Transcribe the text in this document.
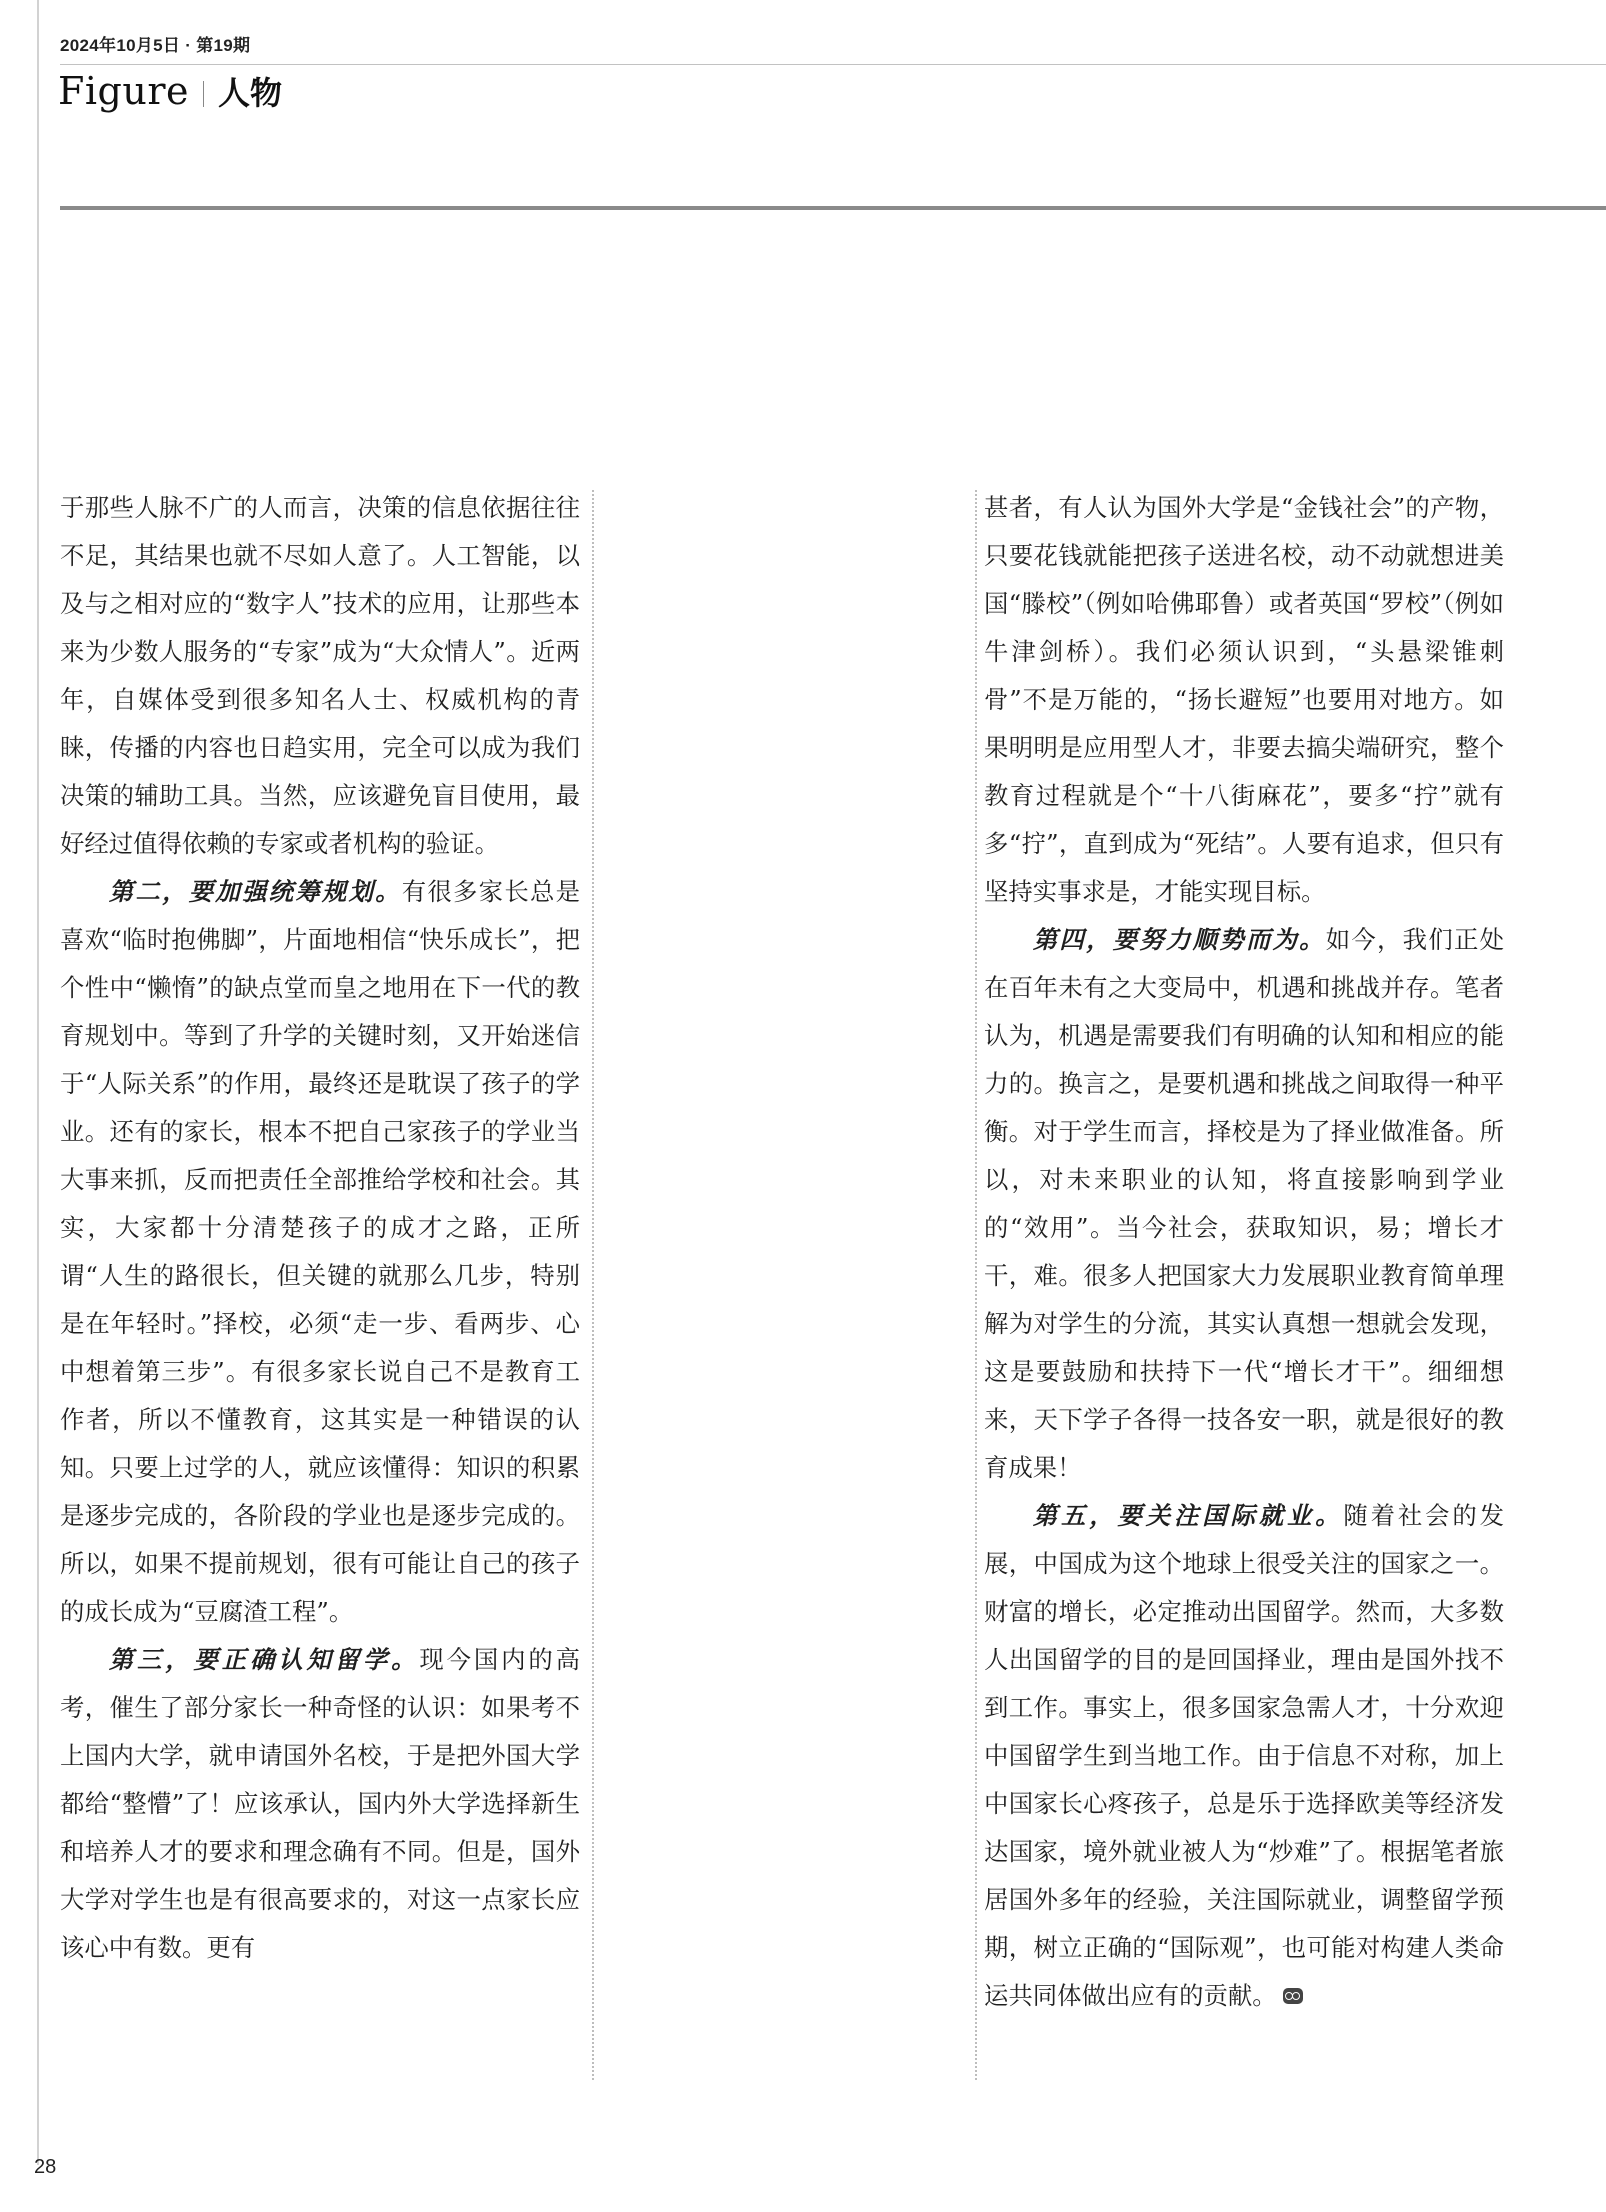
2024年10月5日 · 第19期
Figure 人物

于那些人脉不广的人而言，决策的信息依据往往不足，其结果也就不尽如人意了。人工智能，以及与之相对应的“数字人”技术的应用，让那些本来为少数人服务的“专家”成为“大众情人”。近两年，自媒体受到很多知名人士、权威机构的青睐，传播的内容也日趋实用，完全可以成为我们决策的辅助工具。当然，应该避免盲目使用，最好经过值得依赖的专家或者机构的验证。

第二，要加强统筹规划。有很多家长总是喜欢“临时抱佛脚”，片面地相信“快乐成长”，把个性中“懒惰”的缺点堂而皇之地用在下一代的教育规划中。等到了升学的关键时刻，又开始迷信于“人际关系”的作用，最终还是耽误了孩子的学业。还有的家长，根本不把自己家孩子的学业当大事来抓，反而把责任全部推给学校和社会。其实，大家都十分清楚孩子的成才之路，正所谓“人生的路很长，但关键的就那么几步，特别是在年轻时。”择校，必须“走一步、看两步、心中想着第三步”。有很多家长说自己不是教育工作者，所以不懂教育，这其实是一种错误的认知。只要上过学的人，就应该懂得：知识的积累是逐步完成的，各阶段的学业也是逐步完成的。所以，如果不提前规划，很有可能让自己的孩子的成长成为“豆腐渣工程”。

第三，要正确认知留学。现今国内的高考，催生了部分家长一种奇怪的认识：如果考不上国内大学，就申请国外名校，于是把外国大学都给“整懵”了！应该承认，国内外大学选择新生和培养人才的要求和理念确有不同。但是，国外大学对学生也是有很高要求的，对这一点家长应该心中有数。更有

甚者，有人认为国外大学是“金钱社会”的产物，只要花钱就能把孩子送进名校，动不动就想进美国“滕校”（例如哈佛耶鲁）或者英国“罗校”（例如牛津剑桥）。我们必须认识到，“头悬梁锥刺骨”不是万能的，“扬长避短”也要用对地方。如果明明是应用型人才，非要去搞尖端研究，整个教育过程就是个“十八街麻花”，要多“拧”就有多“拧”，直到成为“死结”。人要有追求，但只有坚持实事求是，才能实现目标。

第四，要努力顺势而为。如今，我们正处在百年未有之大变局中，机遇和挑战并存。笔者认为，机遇是需要我们有明确的认知和相应的能力的。换言之，是要机遇和挑战之间取得一种平衡。对于学生而言，择校是为了择业做准备。所以，对未来职业的认知，将直接影响到学业的“效用”。当今社会，获取知识，易；增长才干，难。很多人把国家大力发展职业教育简单理解为对学生的分流，其实认真想一想就会发现，这是要鼓励和扶持下一代“增长才干”。细细想来，天下学子各得一技各安一职，就是很好的教育成果！

第五，要关注国际就业。随着社会的发展，中国成为这个地球上很受关注的国家之一。财富的增长，必定推动出国留学。然而，大多数人出国留学的目的是回国择业，理由是国外找不到工作。事实上，很多国家急需人才，十分欢迎中国留学生到当地工作。由于信息不对称，加上中国家长心疼孩子，总是乐于选择欧美等经济发达国家，境外就业被人为“炒难”了。根据笔者旅居国外多年的经验，关注国际就业，调整留学预期，树立正确的“国际观”，也可能对构建人类命运共同体做出应有的贡献。

28
